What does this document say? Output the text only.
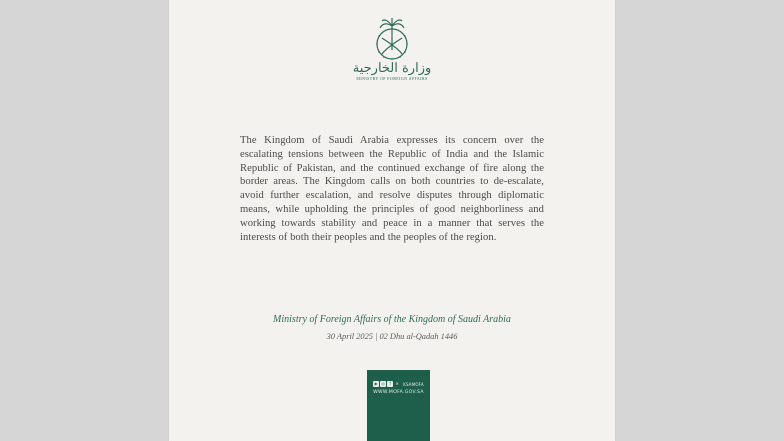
وزارة الخارجية
MINISTRY OF FOREIGN AFFAIRS

The Kingdom of Saudi Arabia expresses its concern over the escalating tensions between the Republic of India and the Islamic Republic of Pakistan, and the continued exchange of fire along the border areas. The Kingdom calls on both countries to de-escalate, avoid further escalation, and resolve disputes through diplomatic means, while upholding the principles of good neighborliness and working towards stability and peace in a manner that serves the interests of both their peoples and the peoples of the region.

Ministry of Foreign Affairs of the Kingdom of Saudi Arabia
30 April 2025 | 02 Dhu al-Qadah 1446
▶ ◎	f	✕	KSAMOFA
WWW.MOFA.GOV.SA
